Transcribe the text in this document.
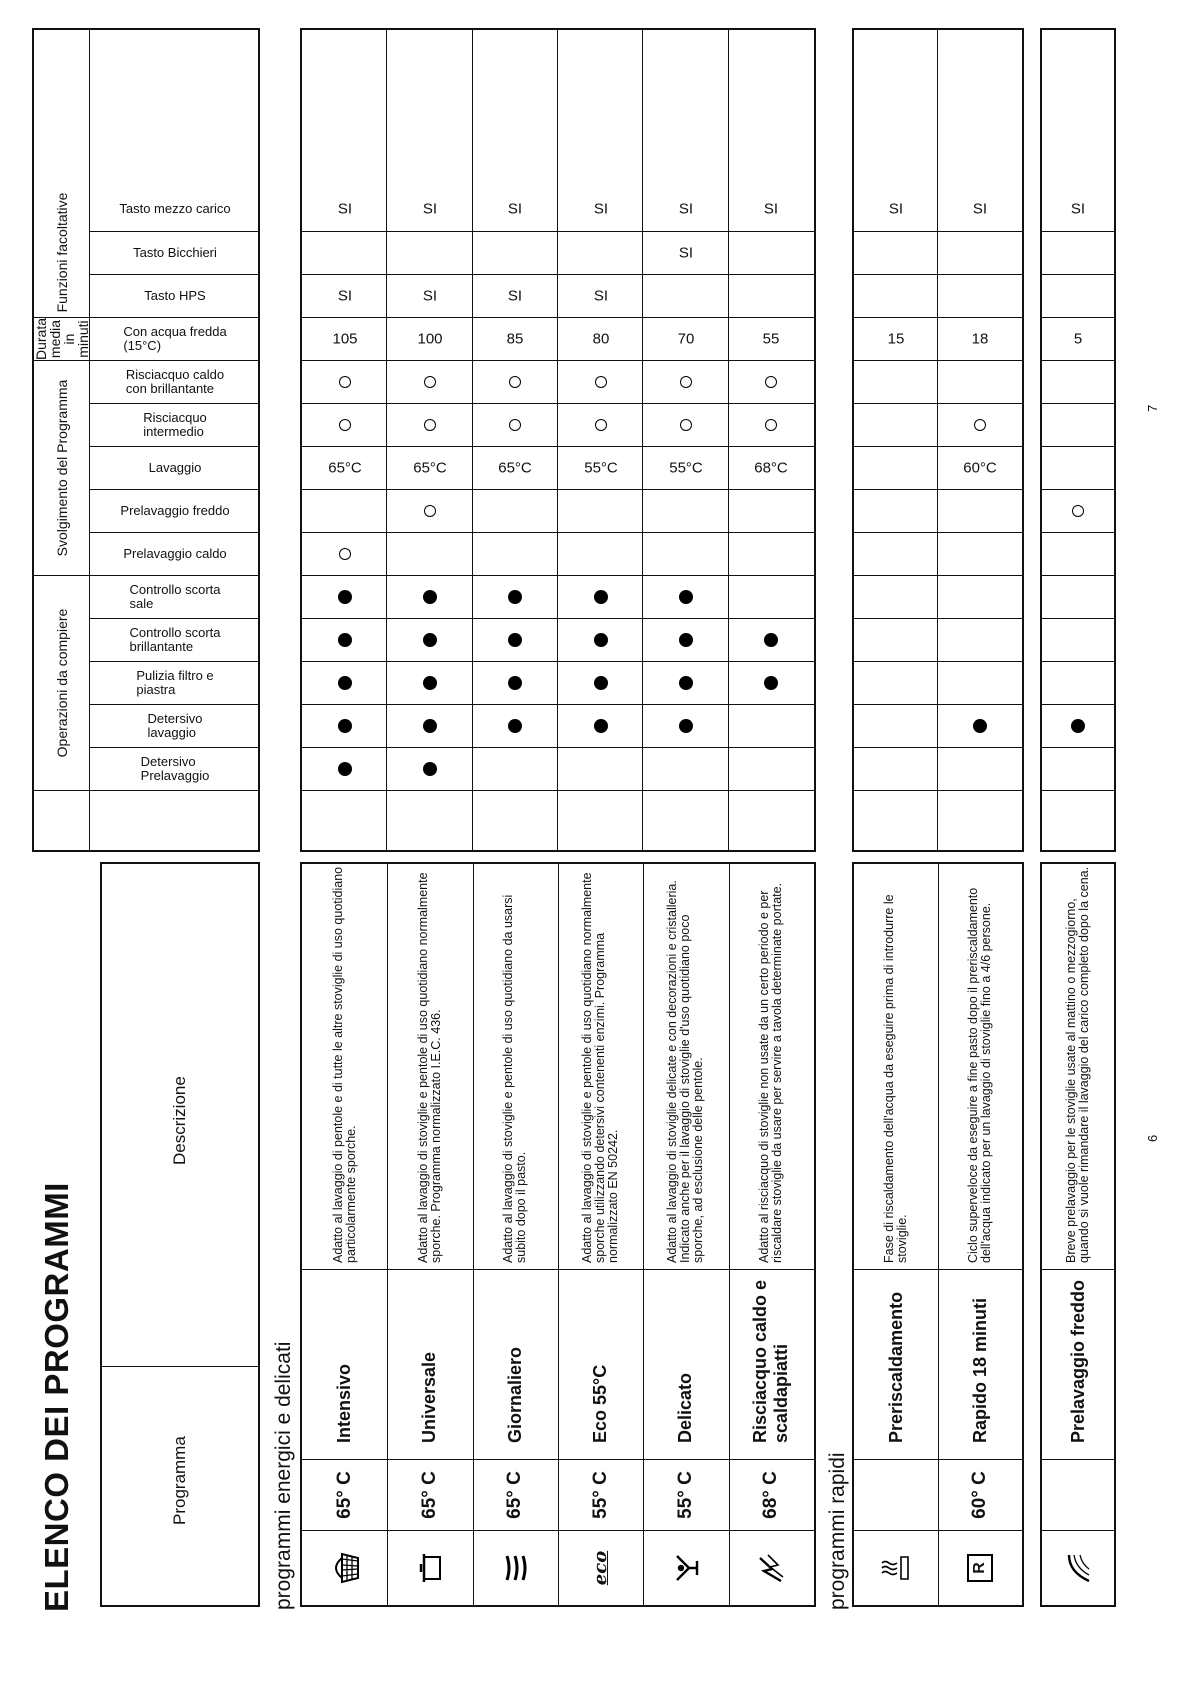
ELENCO DEI PROGRAMMI	Programma
Descrizione
Operazioni da compiere
Svolgimento del Programma
Durata media in minuti
Funzioni facoltative
Detersivo
Prelavaggio
Detersivo
lavaggio
Pulizia filtro e
piastra
Controllo scorta
brillantante
Controllo scorta
sale
Prelavaggio caldo
Prelavaggio freddo
Lavaggio
Risciacquo
intermedio
Risciacquo caldo
con brillantante
Con acqua fredda
(15°C)
Tasto HPS
Tasto Bicchieri
Tasto mezzo carico
programmi energici e delicati	65° C
Intensivo
Adatto al lavaggio di pentole e di tutte le altre stoviglie di uso quotidiano particolarmente sporche.
65° C
Universale
Adatto al lavaggio di stoviglie e pentole di uso quotidiano normalmente sporche. Programma normalizzato I.E.C. 436.
65° C
Giornaliero
Adatto al lavaggio di stoviglie e pentole di uso quotidiano da usarsi subito dopo il pasto.
eco
55° C
Eco 55°C
Adatto al lavaggio di stoviglie e pentole di uso quotidiano normalmente sporche utilizzando detersivi contenenti enzimi. Programma normalizzato EN 50242.
55° C
Delicato
Adatto al lavaggio di stoviglie delicate e con decorazioni e cristalleria. Indicato anche per il lavaggio di stoviglie d'uso quotidiano poco sporche, ad esclusione delle pentole.
68° C
Risciacquo caldo e scaldapiatti
Adatto al risciacquo di stoviglie non usate da un certo periodo e per riscaldare stoviglie da usare per servire a tavola determinate portate.
65°C
105
SI
SI
65°C
100
SI
SI
65°C
85
SI
SI
55°C
80
SI
SI
55°C
70
SI
SI
68°C
55
SI
programmi rapidi
Preriscaldamento
Fase di riscaldamento dell'acqua da eseguire prima di introdurre le stoviglie.
R
60° C
Rapido 18 minuti
Ciclo superveloce da eseguire a fine pasto dopo il preriscaldamento dell'acqua indicato per un lavaggio di stoviglie fino a 4/6 persone.
15
SI
60°C
18
SI
Prelavaggio freddo
Breve prelavaggio per le stoviglie usate al mattino o mezzogiorno, quando si vuole rimandare il lavaggio del carico completo dopo la cena.
5
SI
6
7
